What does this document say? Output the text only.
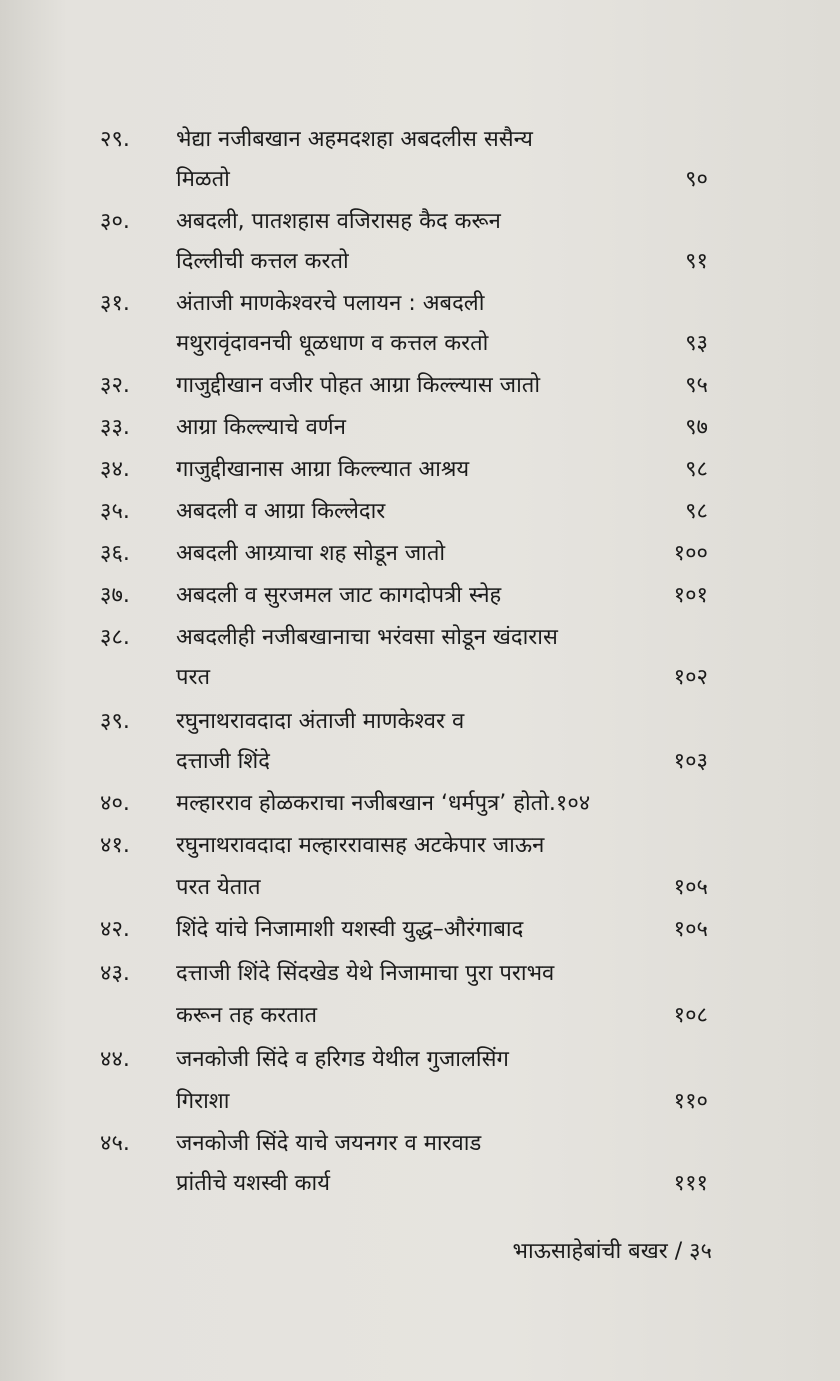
२९.	भेद्या नजीबखान अहमदशहा अबदलीस ससैन्य
मिळतो	९०
३०.	अबदली, पातशहास वजिरासह कैद करून
दिल्लीची कत्तल करतो	९१
३१.	अंताजी माणकेश्वरचे पलायन : अबदली
मथुरावृंदावनची धूळधाण व कत्तल करतो	९३
३२.	गाजुद्दीखान वजीर पोहत आग्रा किल्ल्यास जातो	९५
३३.	आग्रा किल्ल्याचे वर्णन	९७
३४.	गाजुद्दीखानास आग्रा किल्ल्यात आश्रय	९८
३५.	अबदली व आग्रा किल्लेदार	९८
३६.	अबदली आग्र्याचा शह सोडून जातो	१००
३७.	अबदली व सुरजमल जाट कागदोपत्री स्नेह	१०१
३८.	अबदलीही नजीबखानाचा भरंवसा सोडून खंदारास
परत	१०२
३९.	रघुनाथरावदादा अंताजी माणकेश्वर व
दत्ताजी शिंदे	१०३
४०.	मल्हारराव होळकराचा नजीबखान ‘धर्मपुत्र’ होतो.१०४
४१.	रघुनाथरावदादा मल्हाररावासह अटकेपार जाऊन
परत येतात	१०५
४२.	शिंदे यांचे निजामाशी यशस्वी युद्ध–औरंगाबाद	१०५
४३.	दत्ताजी शिंदे सिंदखेड येथे निजामाचा पुरा पराभव
करून तह करतात	१०८
४४.	जनकोजी सिंदे व हरिगड येथील गुजालसिंग
गिराशा	११०
४५.	जनकोजी सिंदे याचे जयनगर व मारवाड
प्रांतीचे यशस्वी कार्य	१११
भाऊसाहेबांची बखर / ३५
